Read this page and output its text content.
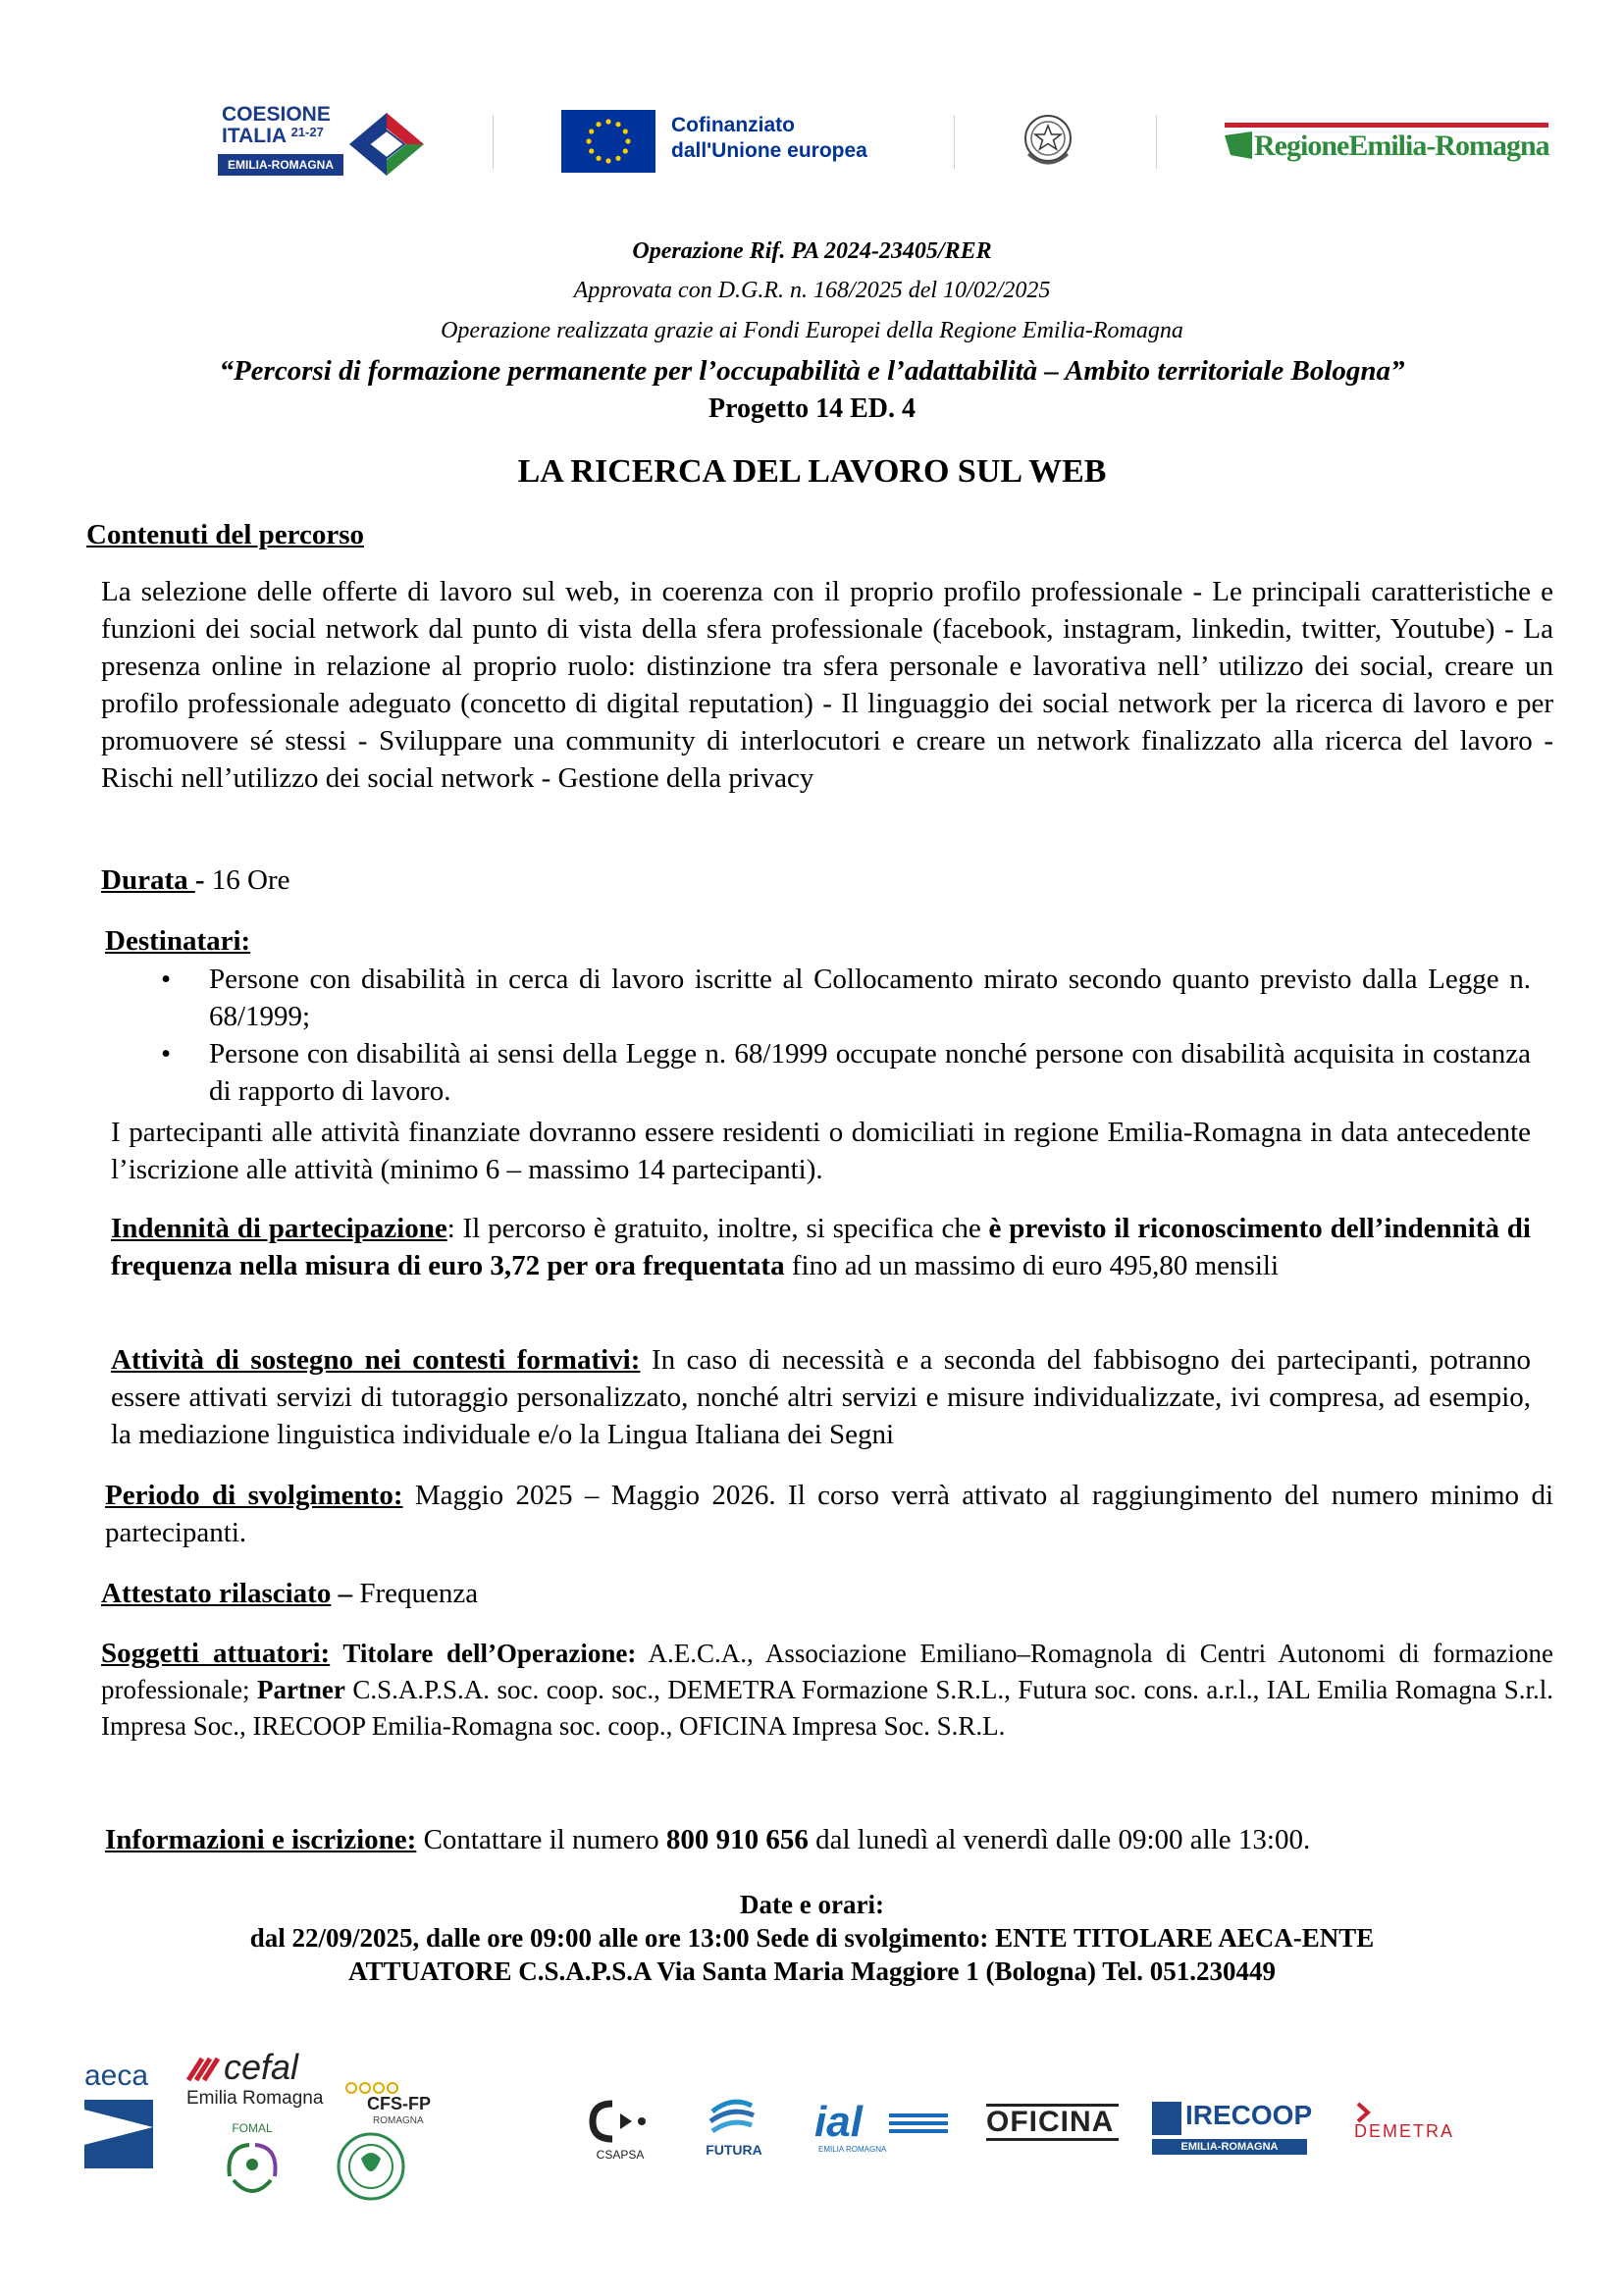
COESIONE
ITALIA $^{21-27}$
EMILIA-ROMAGNA
Cofinanziato
dall'Unione europea	RegioneEmilia-Romagna
Operazione Rif. PA 2024-23405/RER
Approvata con D.G.R. n. 168/2025 del 10/02/2025
Operazione realizzata grazie ai Fondi Europei della Regione Emilia-Romagna
“Percorsi di formazione permanente per l’occupabilità e l’adattabilità – Ambito territoriale Bologna”
Progetto 14 ED. 4
LA RICERCA DEL LAVORO SUL WEB
Contenuti del percorso
La selezione delle offerte di lavoro sul web, in coerenza con il proprio profilo professionale - Le principali caratteristiche e funzioni dei social network dal punto di vista della sfera professionale (facebook, instagram, linkedin, twitter, Youtube) - La presenza online in relazione al proprio ruolo: distinzione tra sfera personale e lavorativa nell’ utilizzo dei social, creare un profilo professionale adeguato (concetto di digital reputation) - Il linguaggio dei social network per la ricerca di lavoro e per promuovere sé stessi - Sviluppare una community di interlocutori e creare un network finalizzato alla ricerca del lavoro - Rischi nell’utilizzo dei social network - Gestione della privacy
Durata - 16 Ore
Destinatari:
• Persone con disabilità in cerca di lavoro iscritte al Collocamento mirato secondo quanto previsto dalla Legge n. 68/1999;
• Persone con disabilità ai sensi della Legge n. 68/1999 occupate nonché persone con disabilità acquisita in costanza di rapporto di lavoro.
I partecipanti alle attività finanziate dovranno essere residenti o domiciliati in regione Emilia-Romagna in data antecedente l’iscrizione alle attività (minimo 6 – massimo 14 partecipanti).
Indennità di partecipazione: Il percorso è gratuito, inoltre, si specifica che è previsto il riconoscimento dell’indennità di frequenza nella misura di euro 3,72 per ora frequentata fino ad un massimo di euro 495,80 mensili
Attività di sostegno nei contesti formativi: In caso di necessità e a seconda del fabbisogno dei partecipanti, potranno essere attivati servizi di tutoraggio personalizzato, nonché altri servizi e misure individualizzate, ivi compresa, ad esempio, la mediazione linguistica individuale e/o la Lingua Italiana dei Segni
Periodo di svolgimento: Maggio 2025 – Maggio 2026. Il corso verrà attivato al raggiungimento del numero minimo di partecipanti.
Attestato rilasciato – Frequenza
Soggetti attuatori: Titolare dell’Operazione: A.E.C.A., Associazione Emiliano–Romagnola di Centri Autonomi di formazione professionale; Partner C.S.A.P.S.A. soc. coop. soc., DEMETRA Formazione S.R.L., Futura soc. cons. a.r.l., IAL Emilia Romagna S.r.l. Impresa Soc., IRECOOP Emilia-Romagna soc. coop., OFICINA Impresa Soc. S.R.L.
Informazioni e iscrizione: Contattare il numero 800 910 656 dal lunedì al venerdì dalle 09:00 alle 13:00.
Date e orari:
dal 22/09/2025, dalle ore 09:00 alle ore 13:00 Sede di svolgimento: ENTE TITOLARE AECA-ENTE
ATTUATORE C.S.A.P.S.A Via Santa Maria Maggiore 1 (Bologna) Tel. 051.230449
aeca cefal
Emilia Romagna
FOMAL
CFS-FP
ROMAGNA
CSAPSA	FUTURA
ial
EMILIA ROMAGNA
OFICINA	IRECOOP
EMILIA-ROMAGNA
DEMETRA
